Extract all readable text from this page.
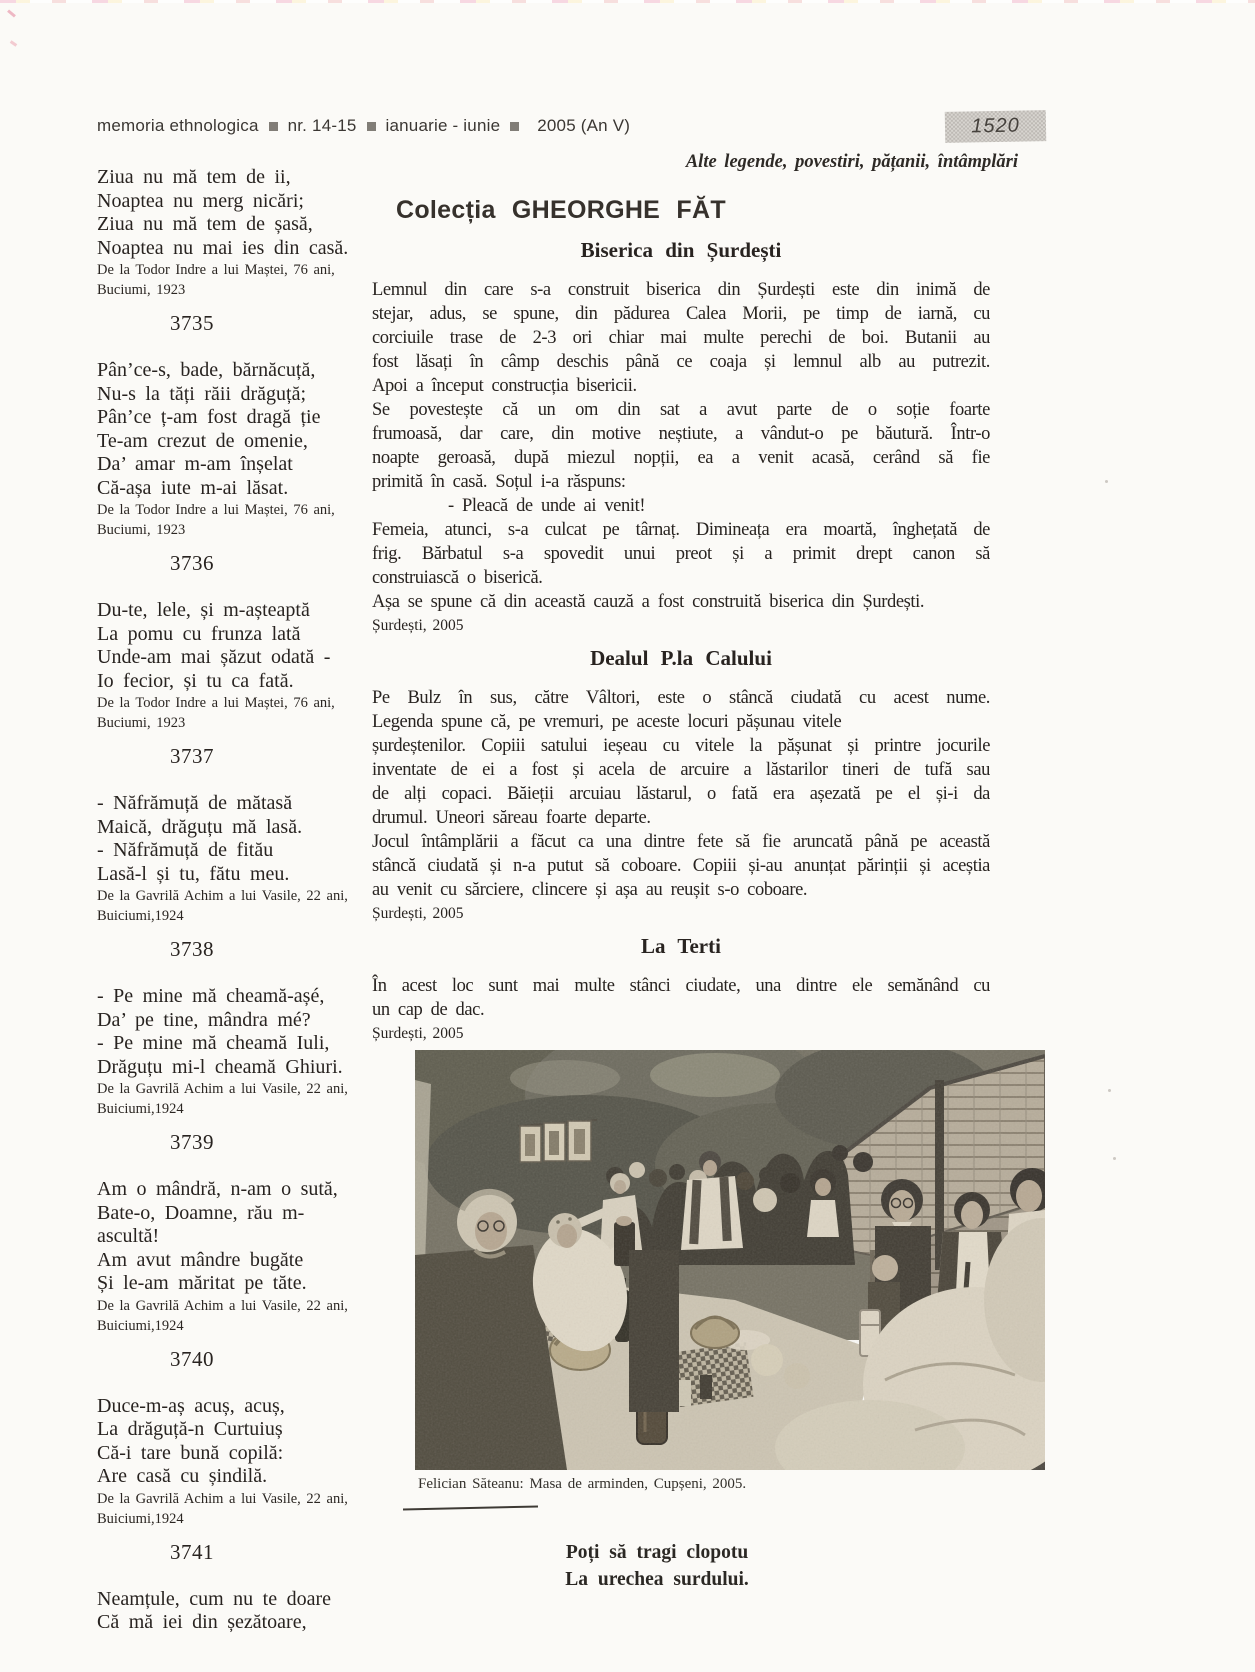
memoria ethnologica nr. 14-15 ianuarie - iunie 2005 (An V)	1520
Alte legende, povestiri, pățanii, întâmplări
Ziua nu mă tem de ii,
Noaptea nu merg nicări;
Ziua nu mă tem de șasă,
Noaptea nu mai ies din casă.
De la Todor Indre a lui Maștei, 76 ani,
Buciumi, 1923
3735
Pân’ce-s, bade, bărnăcuță,
Nu-s la tăți răii drăguță;
Pân’ce ț-am fost dragă ție
Te-am crezut de omenie,
Da’ amar m-am înșelat
Că-așa iute m-ai lăsat.
De la Todor Indre a lui Maștei, 76 ani,
Buciumi, 1923
3736
Du-te, lele, și m-așteaptă
La pomu cu frunza lată
Unde-am mai șăzut odată -
Io fecior, și tu ca fată.
De la Todor Indre a lui Maștei, 76 ani,
Buciumi, 1923
3737
- Năfrămuță de mătasă
Maică, drăguțu mă lasă.
- Năfrămuță de fitău
Lasă-l și tu, fătu meu.
De la Gavrilă Achim a lui Vasile, 22 ani,
Buiciumi,1924
3738
- Pe mine mă cheamă-așé,
Da’ pe tine, mândra mé?
- Pe mine mă cheamă Iuli,
Drăguțu mi-l cheamă Ghiuri.
De la Gavrilă Achim a lui Vasile, 22 ani,
Buiciumi,1924
3739
Am o mândră, n-am o sută,
Bate-o, Doamne, rău m-
ascultă!
Am avut mândre bugăte
Și le-am măritat pe tăte.
De la Gavrilă Achim a lui Vasile, 22 ani,
Buiciumi,1924
3740
Duce-m-aș acuș, acuș,
La drăguță-n Curtuiuș
Că-i tare bună copilă:
Are casă cu șindilă.
De la Gavrilă Achim a lui Vasile, 22 ani,
Buiciumi,1924
3741
Neamțule, cum nu te doare
Că mă iei din șezătoare,
Colecția GHEORGHE FĂT
Biserica din Șurdești
Lemnul din care s-a construit biserica din Șurdești este din inimă de
stejar, adus, se spune, din pădurea Calea Morii, pe timp de iarnă, cu
corciuile trase de 2-3 ori chiar mai multe perechi de boi. Butanii au
fost lăsați în câmp deschis până ce coaja și lemnul alb au putrezit.
Apoi a început construcția bisericii.
Se povestește că un om din sat a avut parte de o soție foarte
frumoasă, dar care, din motive neștiute, a vândut-o pe băutură. Într-o
noapte geroasă, după miezul nopții, ea a venit acasă, cerând să fie
primită în casă. Soțul i-a răspuns:
- Pleacă de unde ai venit!
Femeia, atunci, s-a culcat pe târnaț. Dimineața era moartă, înghețată de
frig. Bărbatul s-a spovedit unui preot și a primit drept canon să
construiască o biserică.
Așa se spune că din această cauză a fost construită biserica din Șurdești.
Șurdești, 2005
Dealul P.la Calului
Pe Bulz în sus, către Vâltori, este o stâncă ciudată cu acest nume.
Legenda spune că, pe vremuri, pe aceste locuri pășunau vitele
șurdeștenilor. Copiii satului ieșeau cu vitele la pășunat și printre jocurile
inventate de ei a fost și acela de arcuire a lăstarilor tineri de tufă sau
de alți copaci. Băieții arcuiau lăstarul, o fată era așezată pe el și-i da
drumul. Uneori săreau foarte departe.
Jocul întâmplării a făcut ca una dintre fete să fie aruncată până pe această
stâncă ciudată și n-a putut să coboare. Copiii și-au anunțat părinții și aceștia
au venit cu sărciere, clincere și așa au reușit s-o coboare.
Șurdești, 2005
La Terti
În acest loc sunt mai multe stânci ciudate, una dintre ele semănând cu
un cap de dac.
Șurdești, 2005
Felician Săteanu: Masa de arminden, Cupșeni, 2005.
Poți să tragi clopotu
La urechea surdului.
